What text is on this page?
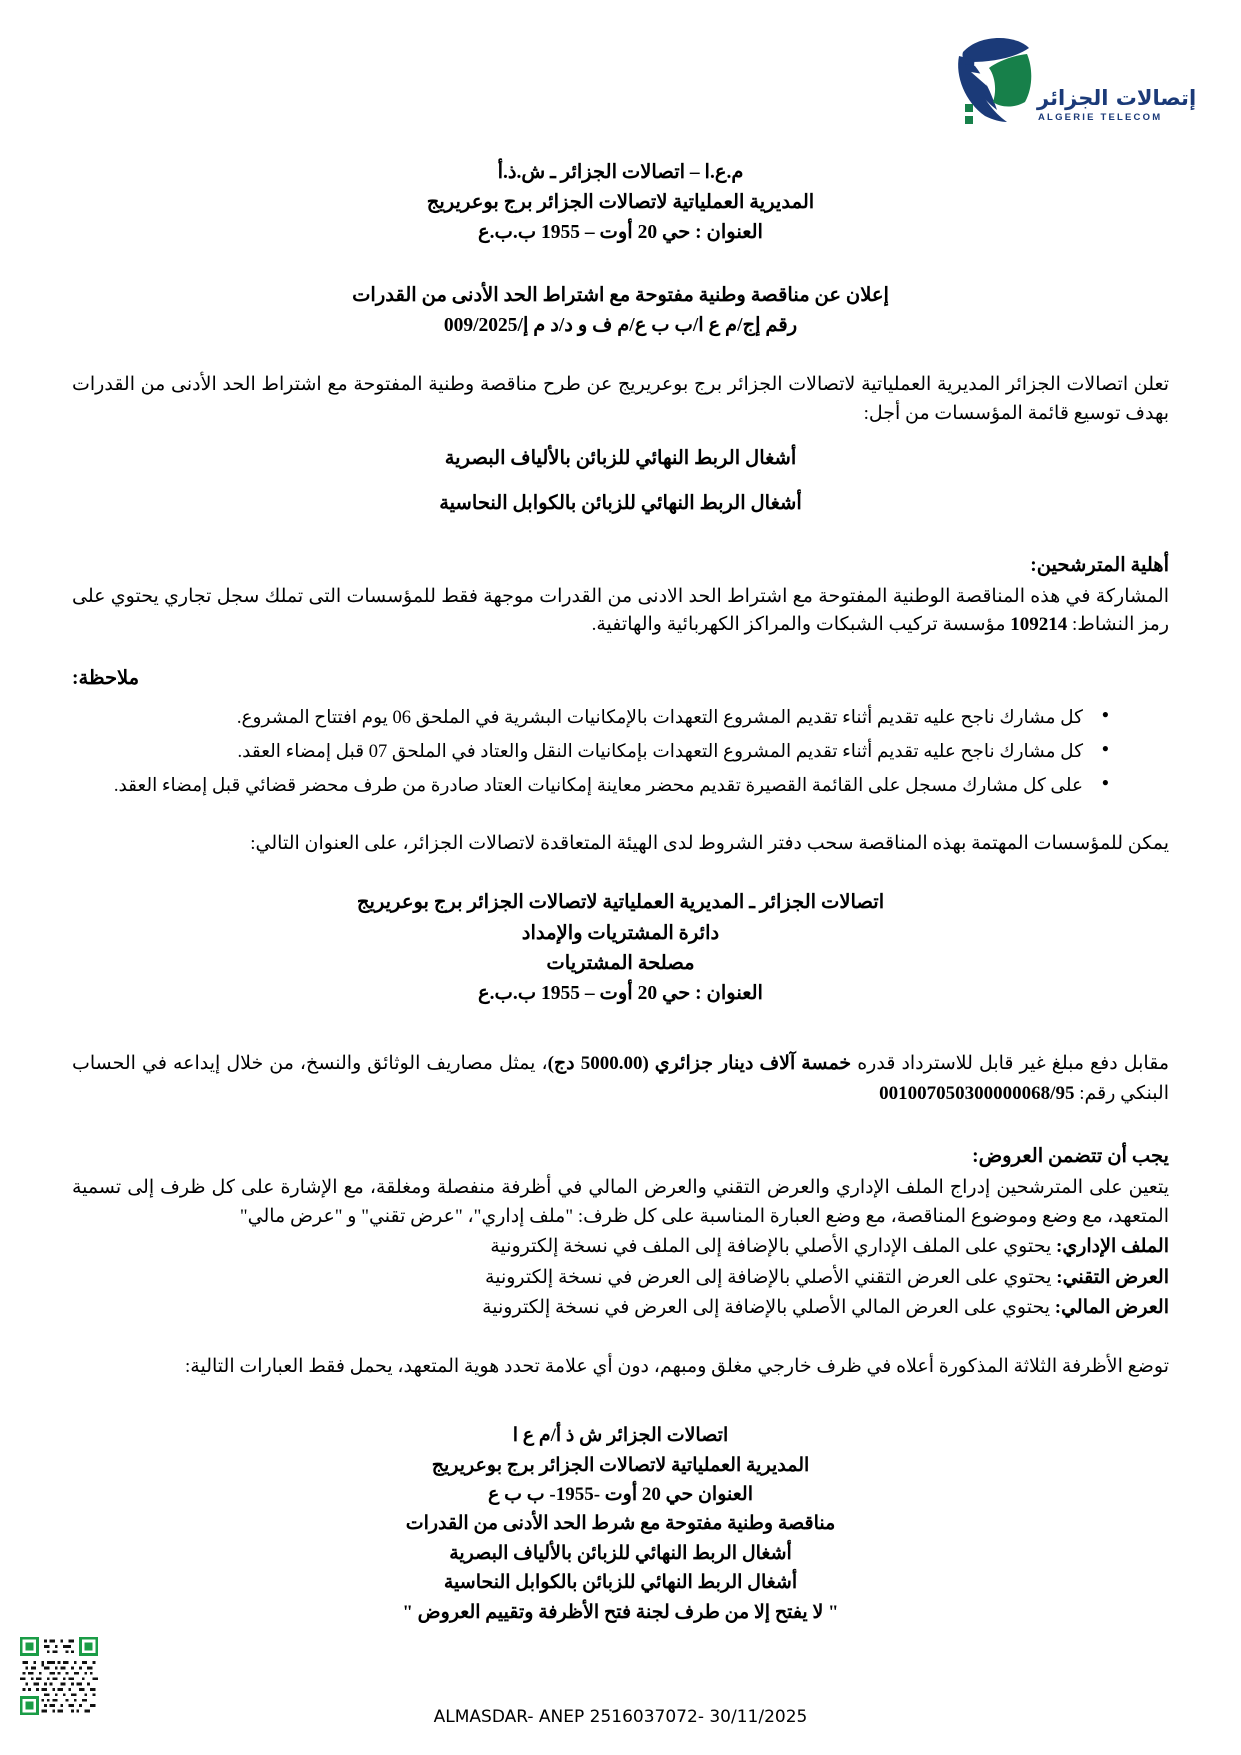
إتصالات الجزائر
ALGERIE TELECOM
م.ع.ا – اتصالات الجزائر ـ ش.ذ.أ
المديرية العملياتية لاتصالات الجزائر برج بوعريريج
العنوان : حي 20 أوت – 1955 ب.ب.ع
إعلان عن مناقصة وطنية مفتوحة مع اشتراط الحد الأدنى من القدرات
رقم إج/م ع ا/ب ب ع/م ف و د/د م إ/009/2025
تعلن اتصالات الجزائر المديرية العملياتية لاتصالات الجزائر برج بوعريريج عن طرح مناقصة وطنية المفتوحة مع اشتراط الحد الأدنى من القدرات بهدف توسيع قائمة المؤسسات من أجل:
أشغال الربط النهائي للزبائن بالألياف البصرية
أشغال الربط النهائي للزبائن بالكوابل النحاسية
أهلية المترشحين:
المشاركة في هذه المناقصة الوطنية المفتوحة مع اشتراط الحد الادنى من القدرات موجهة فقط للمؤسسات التى تملك سجل تجاري يحتوي على رمز النشاط: 109214 مؤسسة تركيب الشبكات والمراكز الكهربائية والهاتفية.
ملاحظة:
● كل مشارك ناجح عليه تقديم أثناء تقديم المشروع التعهدات بالإمكانيات البشرية في الملحق 06 يوم افتتاح المشروع.
● كل مشارك ناجح عليه تقديم أثناء تقديم المشروع التعهدات بإمكانيات النقل والعتاد في الملحق 07 قبل إمضاء العقد.
● على كل مشارك مسجل على القائمة القصيرة تقديم محضر معاينة إمكانيات العتاد صادرة من طرف محضر قضائي قبل إمضاء العقد.
يمكن للمؤسسات المهتمة بهذه المناقصة سحب دفتر الشروط لدى الهيئة المتعاقدة لاتصالات الجزائر، على العنوان التالي:
اتصالات الجزائر ـ المديرية العملياتية لاتصالات الجزائر برج بوعريريج
دائرة المشتريات والإمداد
مصلحة المشتريات
العنوان : حي 20 أوت – 1955 ب.ب.ع
مقابل دفع مبلغ غير قابل للاسترداد قدره خمسة آلاف دينار جزائري (5000.00 دج)، يمثل مصاريف الوثائق والنسخ، من خلال إيداعه في الحساب البنكي رقم: 001007050300000068/95
يجب أن تتضمن العروض:
يتعين على المترشحين إدراج الملف الإداري والعرض التقني والعرض المالي في أظرفة منفصلة ومغلقة، مع الإشارة على كل ظرف إلى تسمية المتعهد، مع وضع وموضوع المناقصة، مع وضع العبارة المناسبة على كل ظرف: "ملف إداري"، "عرض تقني" و "عرض مالي"
الملف الإداري: يحتوي على الملف الإداري الأصلي بالإضافة إلى الملف في نسخة إلكترونية
العرض التقني: يحتوي على العرض التقني الأصلي بالإضافة إلى العرض في نسخة إلكترونية
العرض المالي: يحتوي على العرض المالي الأصلي بالإضافة إلى العرض في نسخة إلكترونية
توضع الأظرفة الثلاثة المذكورة أعلاه في ظرف خارجي مغلق ومبهم، دون أي علامة تحدد هوية المتعهد، يحمل فقط العبارات التالية:
اتصالات الجزائر ش ذ أ/م ع ا
المديرية العملياتية لاتصالات الجزائر برج بوعريريج
العنوان حي 20 أوت -1955- ب ب ع
مناقصة وطنية مفتوحة مع شرط الحد الأدنى من القدرات
أشغال الربط النهائي للزبائن بالألياف البصرية
أشغال الربط النهائي للزبائن بالكوابل النحاسية
" لا يفتح إلا من طرف لجنة فتح الأظرفة وتقييم العروض "
ALMASDAR- ANEP 2516037072- 30/11/2025
